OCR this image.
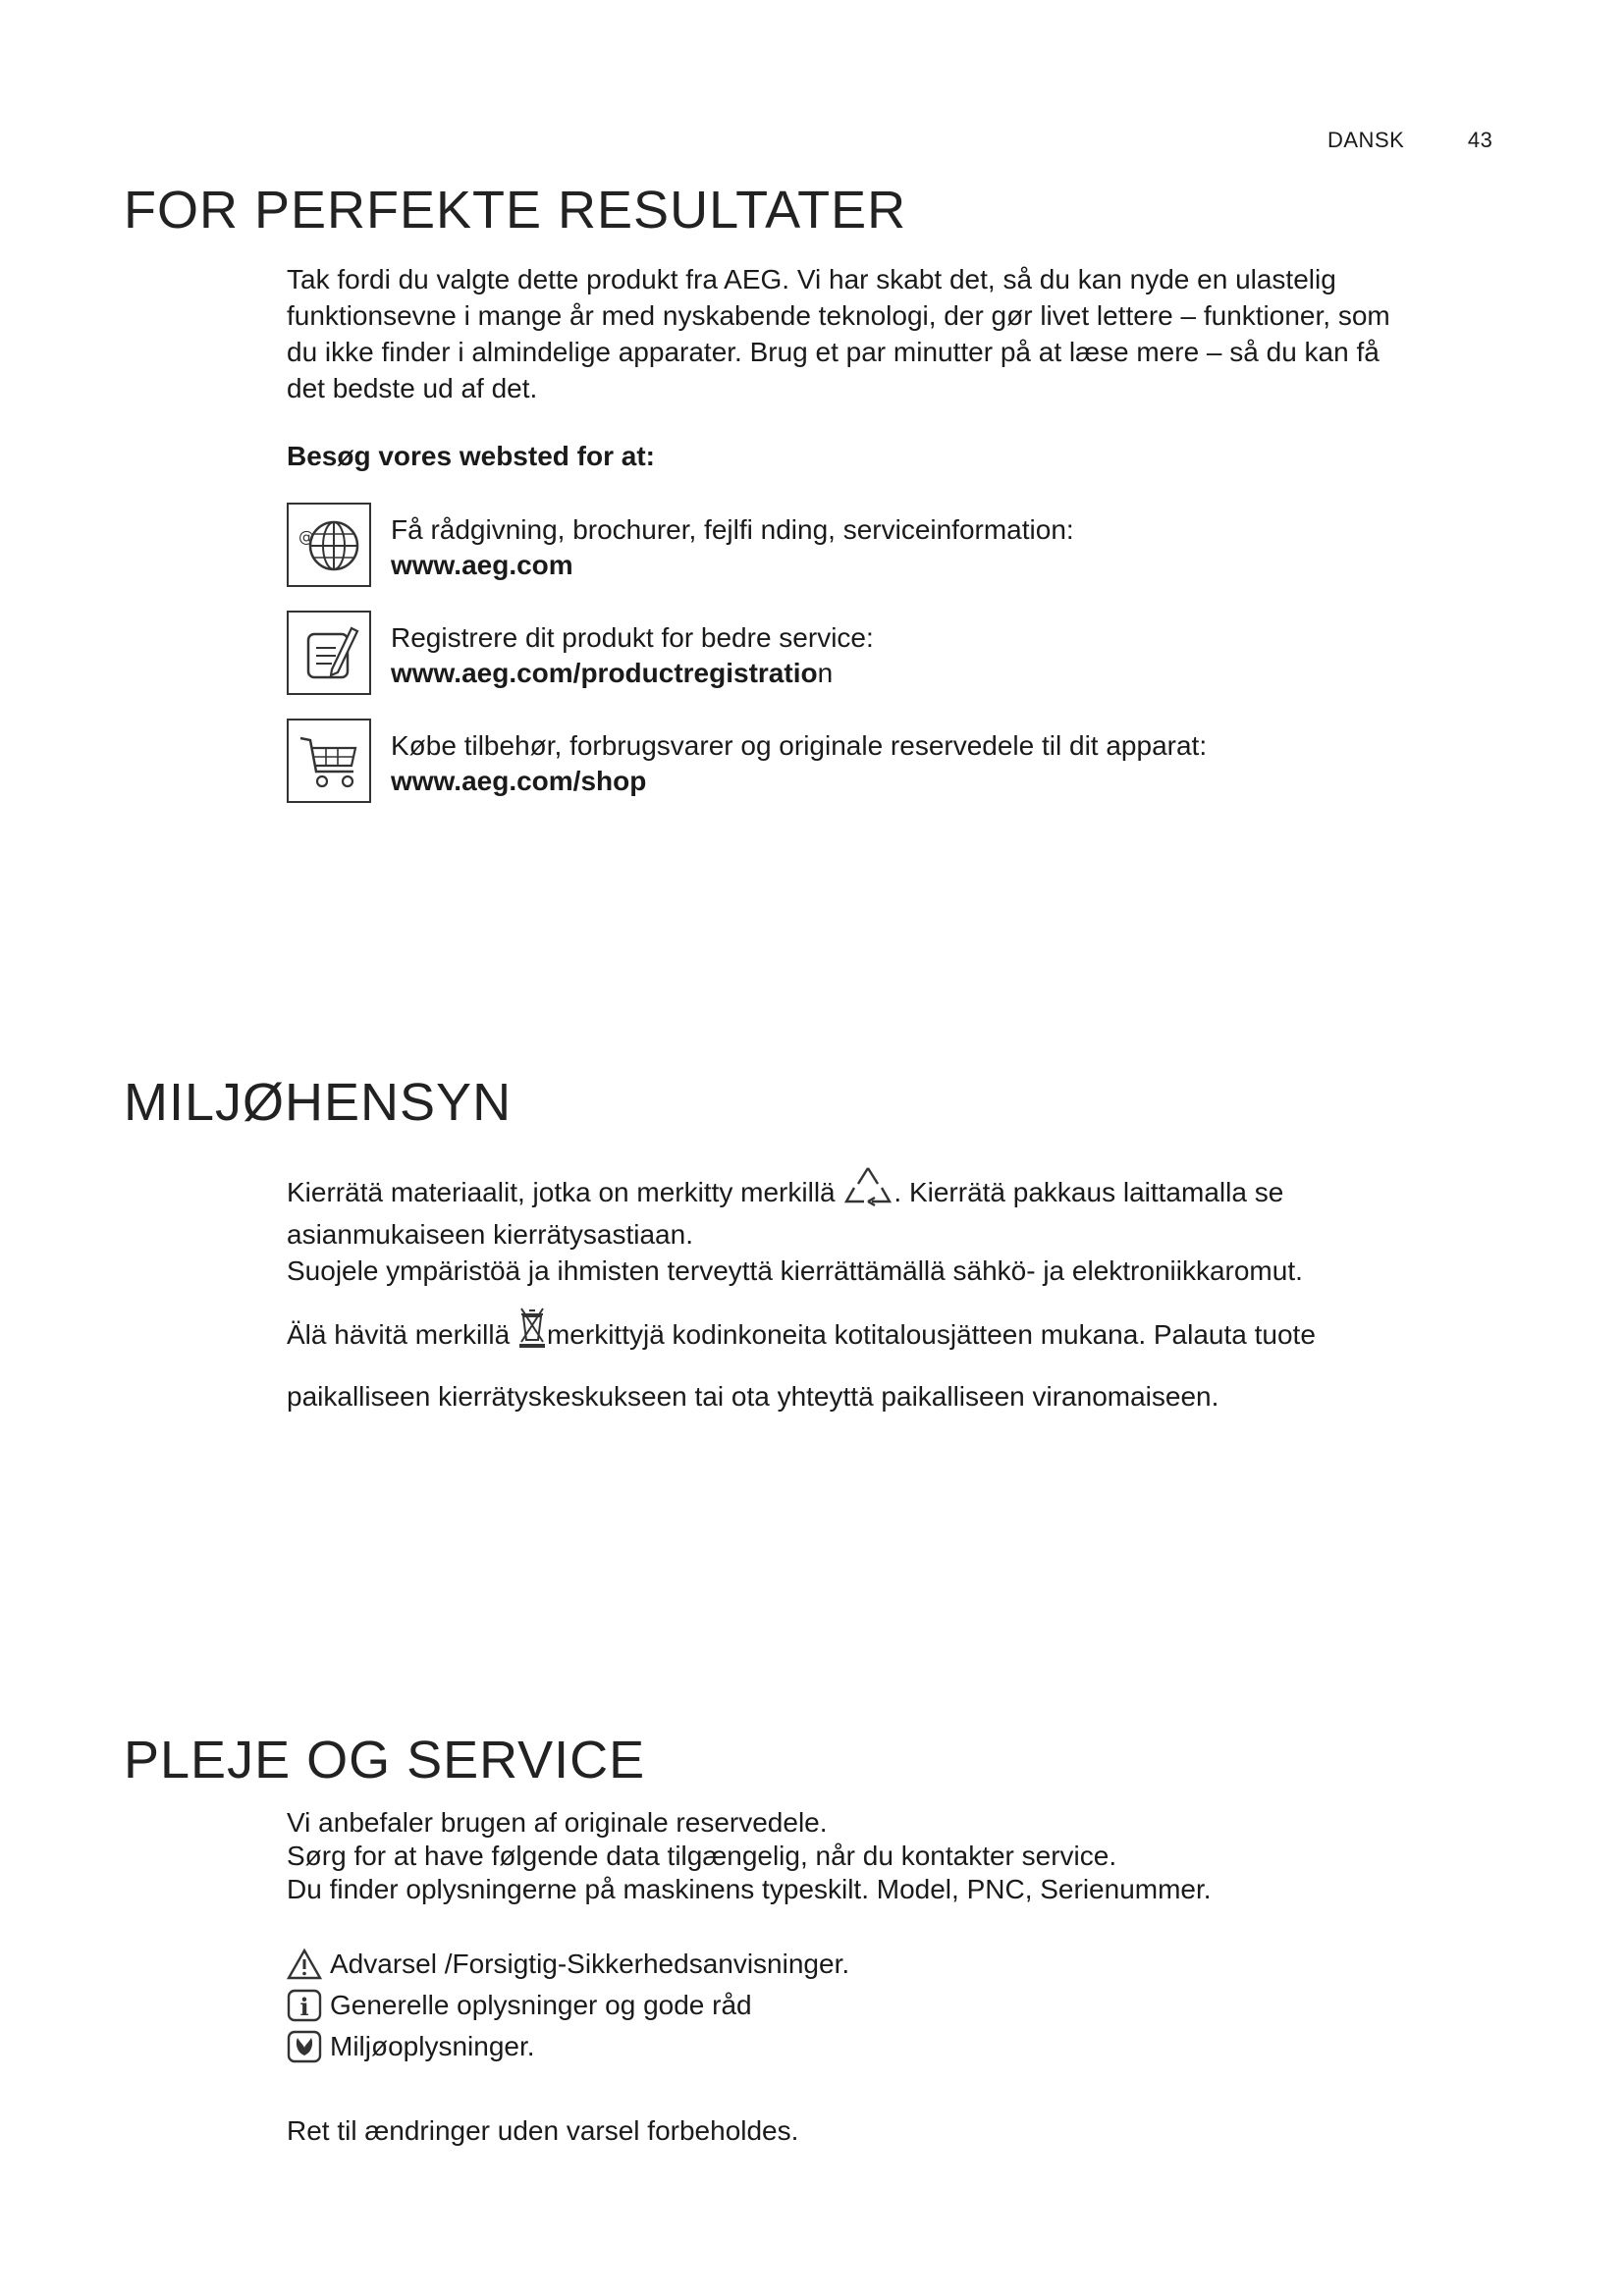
DANSK	43
FOR PERFEKTE RESULTATER
Tak fordi du valgte dette produkt fra AEG. Vi har skabt det, så du kan nyde en ulastelig
funktionsevne i mange år med nyskabende teknologi, der gør livet lettere – funktioner, som
du ikke finder i almindelige apparater. Brug et par minutter på at læse mere – så du kan få
det bedste ud af det.
Besøg vores websted for at:
@	Få rådgivning, brochurer, fejlfi nding, serviceinformation:
www.aeg.com
Registrere dit produkt for bedre service:
www.aeg.com/productregistration
Købe tilbehør, forbrugsvarer og originale reservedele til dit apparat:
www.aeg.com/shop
MILJØHENSYN
Kierrätä materiaalit, jotka on merkitty merkillä . Kierrätä pakkaus laittamalla se
asianmukaiseen kierrätysastiaan.
Suojele ympäristöä ja ihmisten terveyttä kierrättämällä sähkö- ja elektroniikkaromut.
Älä hävitä merkillä merkittyjä kodinkoneita kotitalousjätteen mukana. Palauta tuote
paikalliseen kierrätyskeskukseen tai ota yhteyttä paikalliseen viranomaiseen.
PLEJE OG SERVICE
Vi anbefaler brugen af originale reservedele.
Sørg for at have følgende data tilgængelig, når du kontakter service.
Du finder oplysningerne på maskinens typeskilt. Model, PNC, Serienummer.
Advarsel /Forsigtig-Sikkerhedsanvisninger.
i Generelle oplysninger og gode råd
Miljøoplysninger.
Ret til ændringer uden varsel forbeholdes.
